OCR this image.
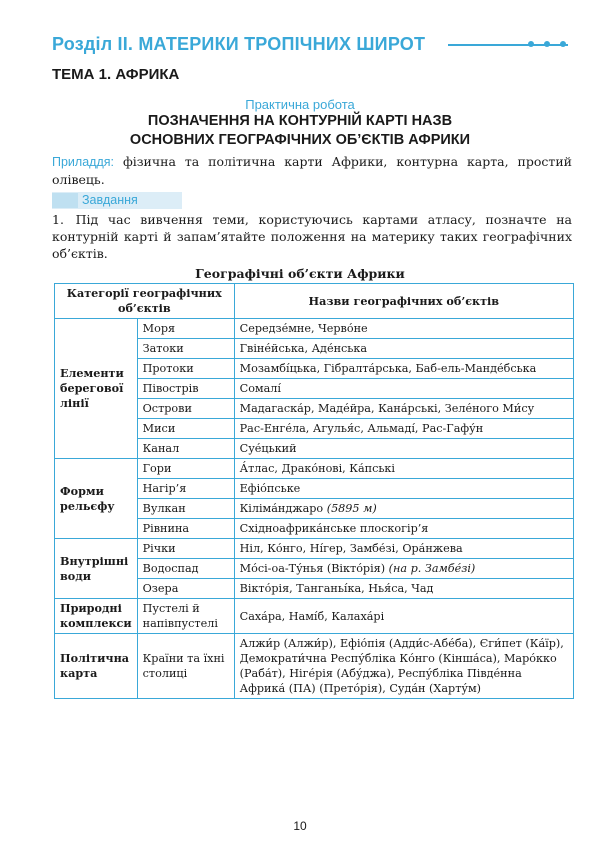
Розділ ІІ. МАТЕРИКИ ТРОПІЧНИХ ШИРОТ
ТЕМА 1. АФРИКА
Практична робота
ПОЗНАЧЕННЯ НА КОНТУРНІЙ КАРТІ НАЗВ
ОСНОВНИХ ГЕОГРАФІЧНИХ ОБ’ЄКТІВ АФРИКИ
Приладдя: фізична та політична карти Африки, контурна карта, простий олівець.
Завдання
1. Під час вивчення теми, користуючись картами атласу, позначте на контурній карті й запам’ятайте положення на материку таких географічних об’єктів.
Географічні об’єкти Африки
Категорії географічних об’єктів		Назви географічних об’єктів
Елементи берегової лінії	Моря	Середзе́мне, Черво́не
	Затоки	Гвіне́йська, Аде́нська
	Протоки	Мозамбі́цька, Гібралта́рська, Баб-ель-Манде́бська
	Півострів	Сомалі́
	Острови	Мадагаска́р, Маде́йра, Кана́рські, Зеле́ного Ми́су
	Миси	Рас-Енге́ла, Агулья́с, Альмаді́, Рас-Гафу́н
	Канал	Суе́цький
Форми рельєфу	Гори	А́тлас, Драко́нові, Ка́пські
	Нагір’я	Ефіо́пське
	Вулкан	Кіліма́нджаро (5895 м)
	Рівнина	Східноафрика́нське плоскогір’я
Внутрішні води	Річки	Ніл, Ко́нго, Ні́гер, Замбе́зі, Ора́нжева
	Водоспад	Мо́сі-оа-Ту́нья (Вікто́рія) (на р. Замбе́зі)
	Озера	Вікто́рія, Танганьі́ка, Нья́са, Чад
Природні комплекси	Пустелі й напівпустелі	Саха́ра, Намі́б, Калаха́рі
Політична карта	Країни та їхні столиці	Алжи́р (Алжи́р), Ефіо́пія (Адди́с-Абе́ба), Єги́пет (Ка́їр), Демократи́чна Респу́бліка Ко́нго (Кінша́са), Маро́кко (Раба́т), Ніге́рія (Абу́джа), Респу́бліка Півде́нна Африка́ (ПА) (Прето́рія), Суда́н (Харту́м)
10
